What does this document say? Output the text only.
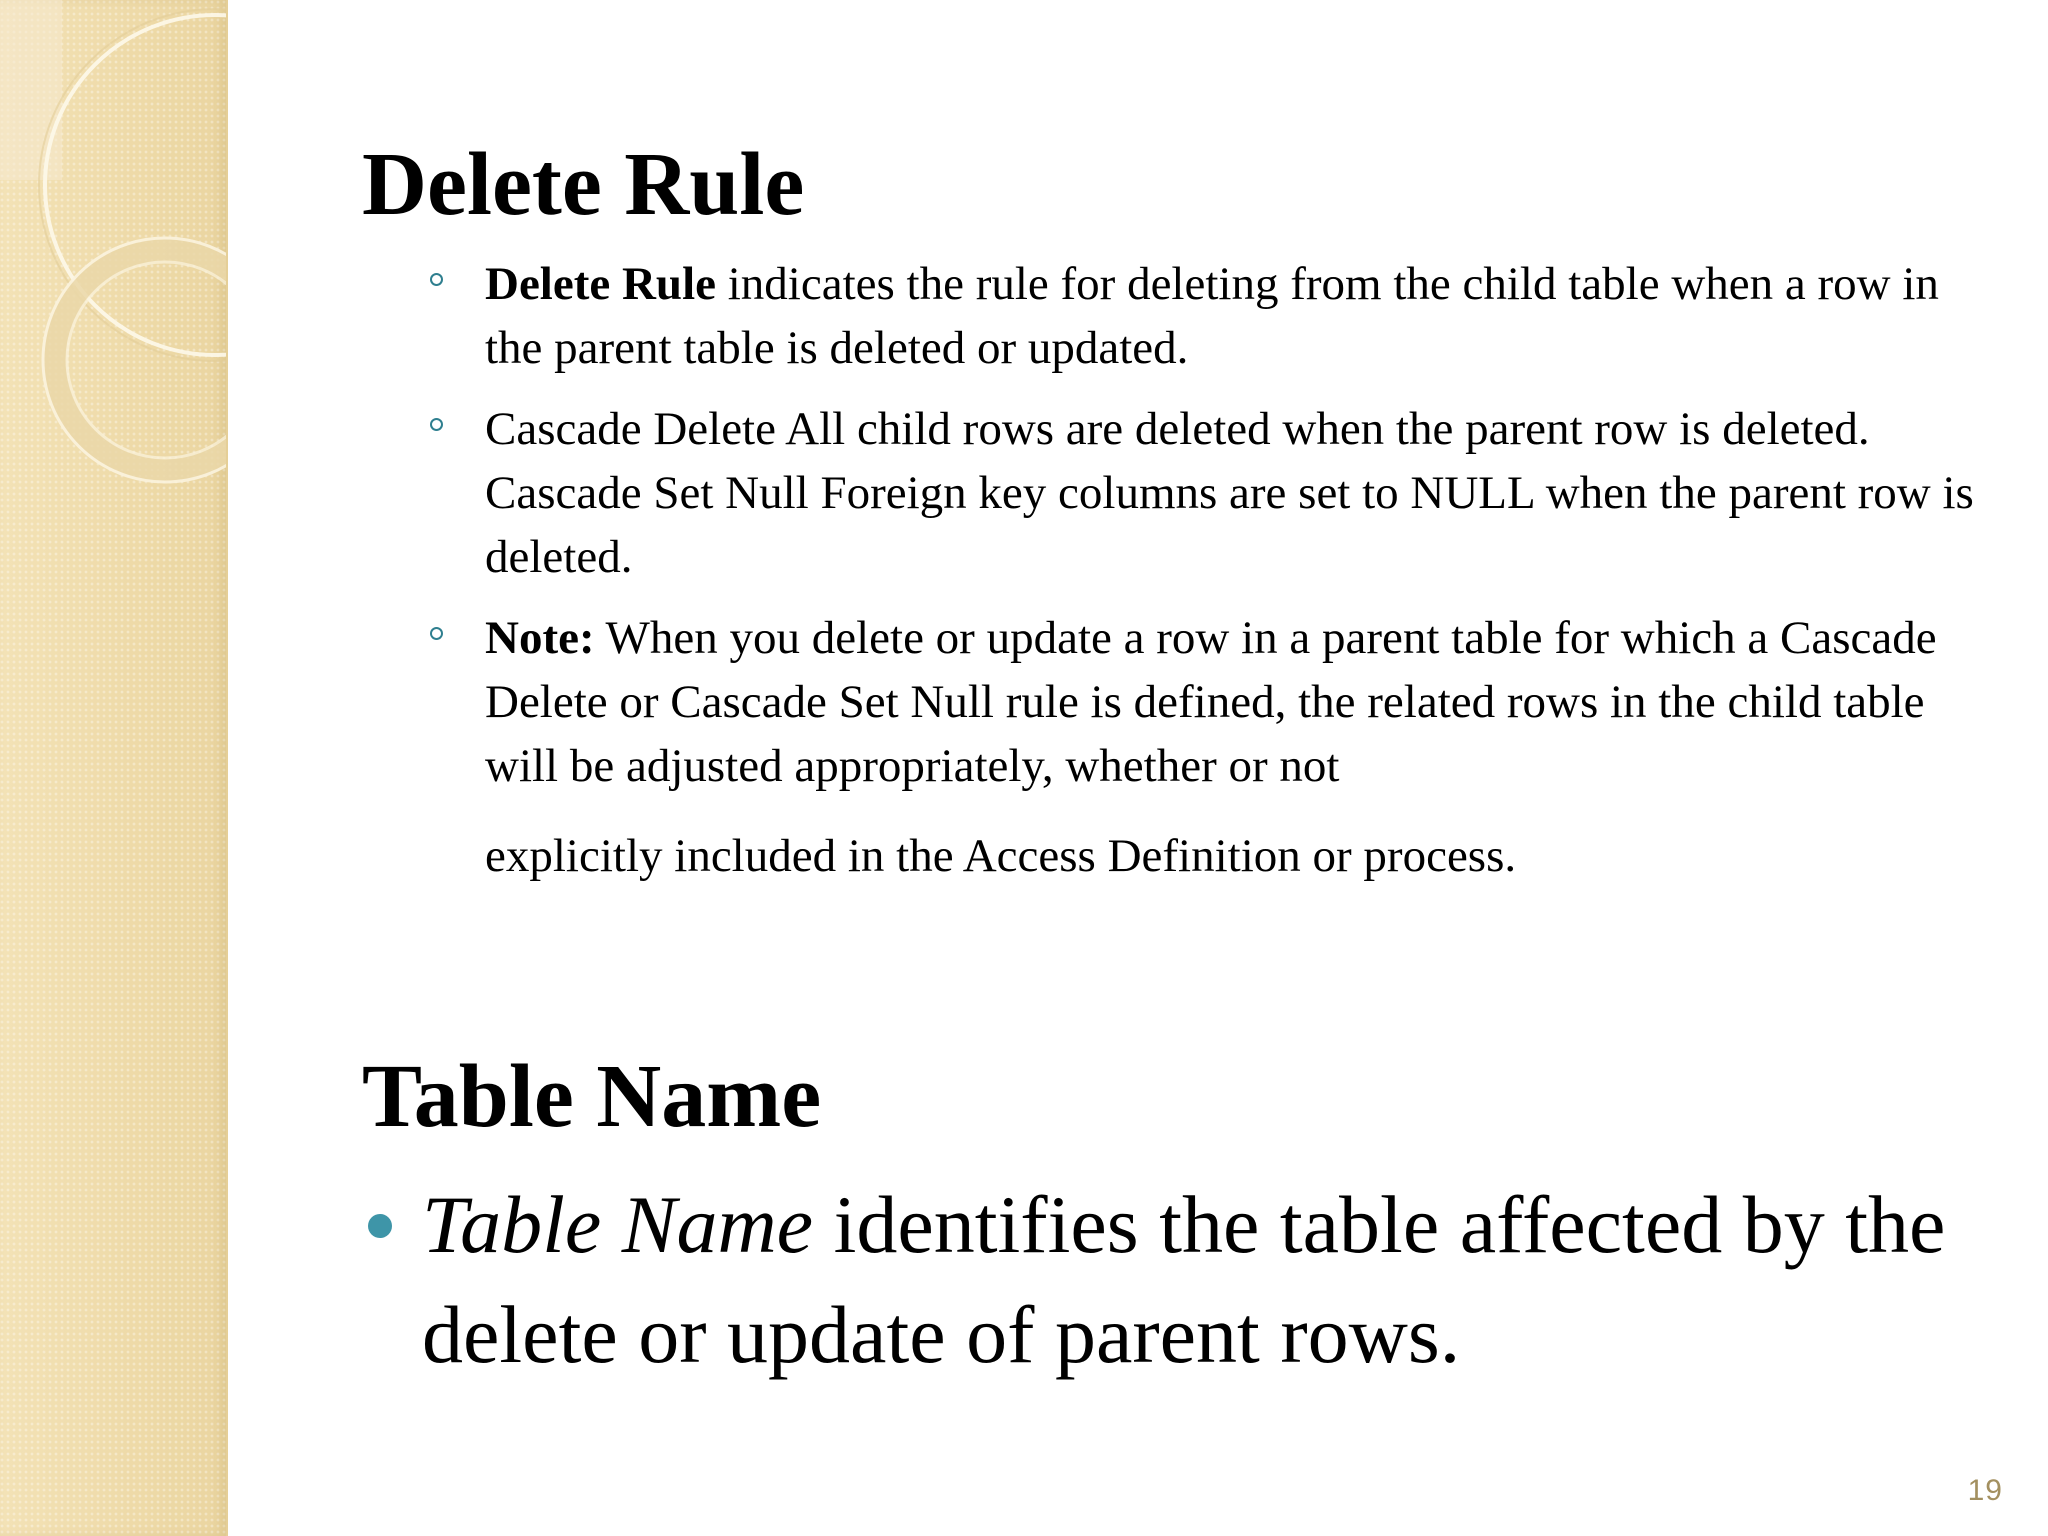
Delete Rule
Delete Rule indicates the rule for deleting from the child table when a row in the parent table is deleted or updated.
Cascade Delete All child rows are deleted when the parent row is deleted. Cascade Set Null Foreign key columns are set to NULL when the parent row is deleted.
Note: When you delete or update a row in a parent table for which a Cascade Delete or Cascade Set Null rule is defined, the related rows in the child table will be adjusted appropriately, whether or not
explicitly included in the Access Definition or process.
Table Name
Table Name identifies the table affected by the delete or update of parent rows.
19
